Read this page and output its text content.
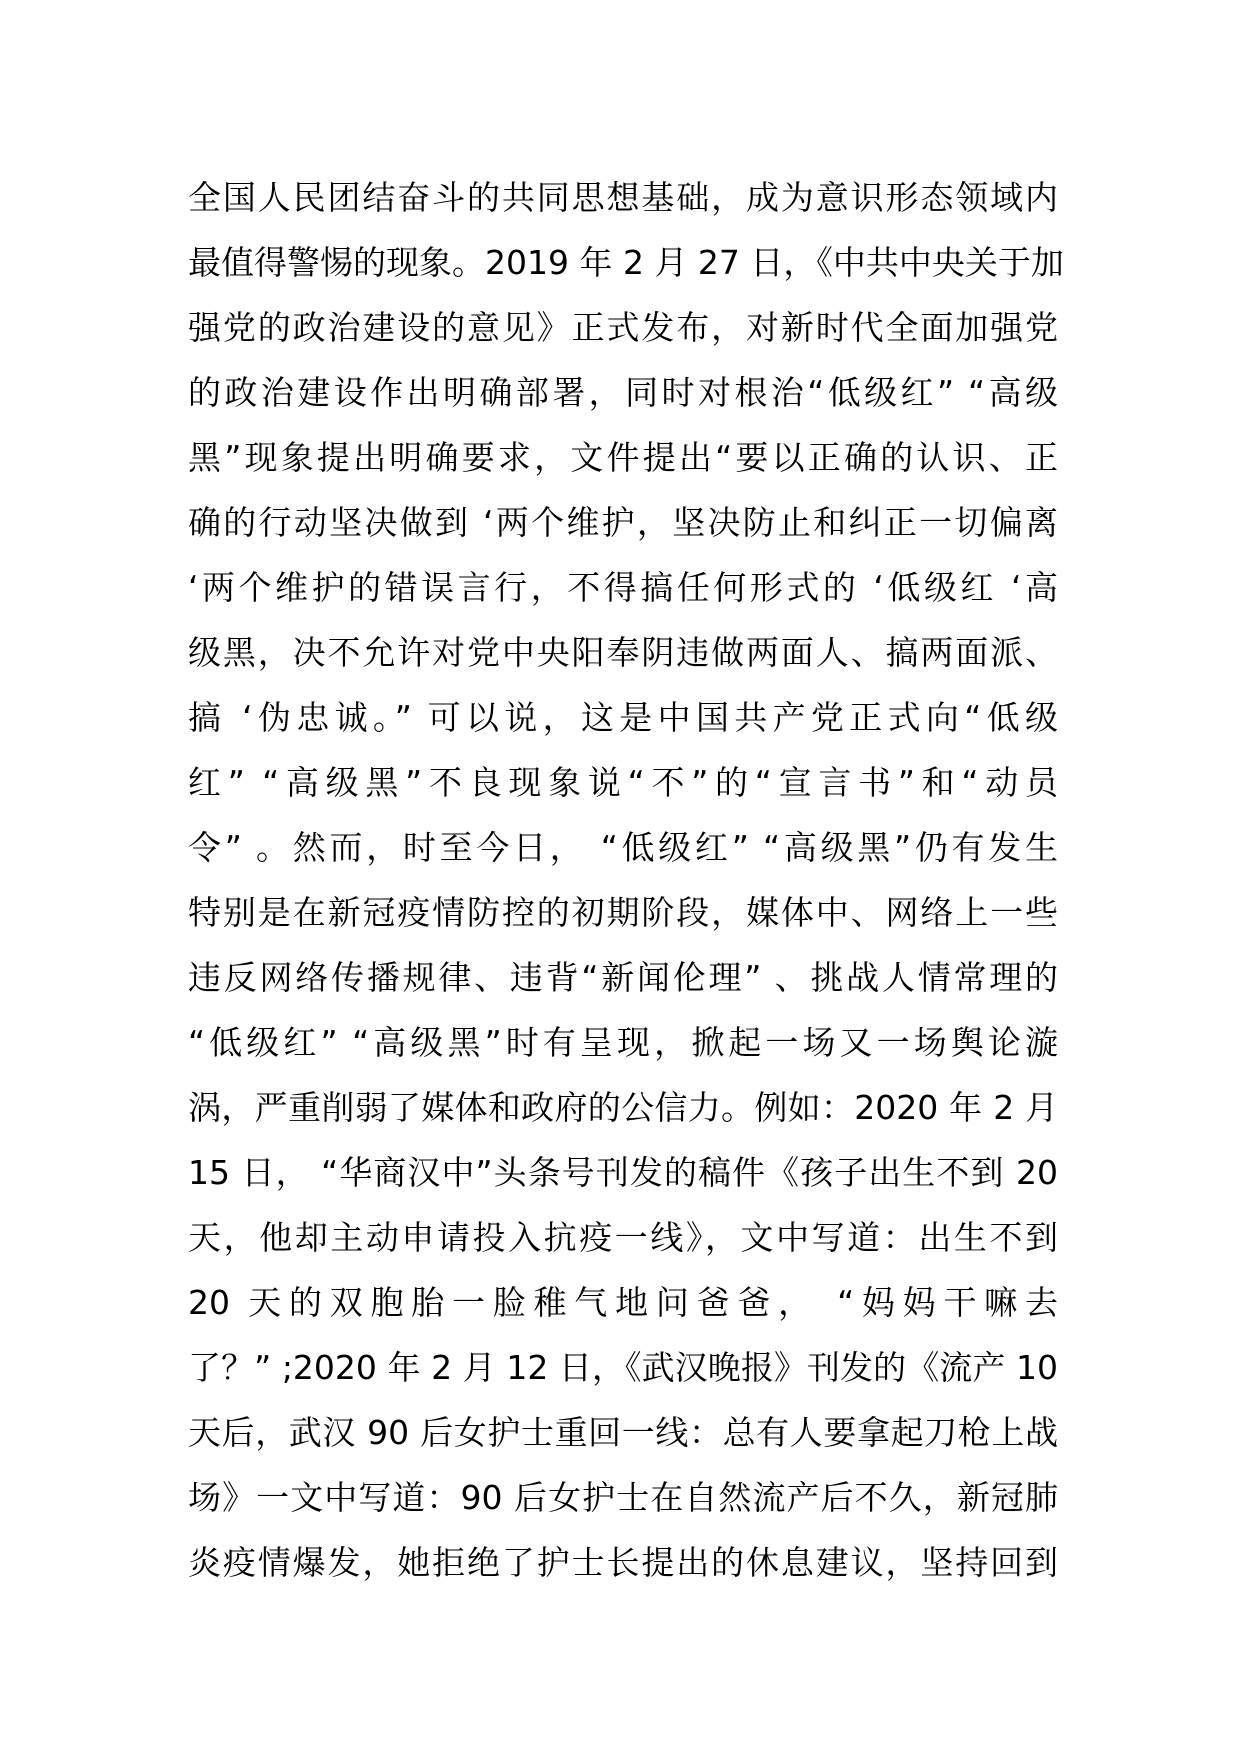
全国人民团结奋斗的共同思想基础，成为意识形态领域内
最值得警惕的现象。2019 年 2 月 27 日，《中共中央关于加
强党的政治建设的意见》正式发布，对新时代全面加强党
的政治建设作出明确部署，同时对根治“低级红” “高级
黑”现象提出明确要求，文件提出“要以正确的认识、正
确的行动坚决做到 ‘两个维护，坚决防止和纠正一切偏离
‘两个维护的错误言行，不得搞任何形式的 ‘低级红 ‘高
级黑，决不允许对党中央阳奉阴违做两面人、搞两面派、
搞 ‘伪忠诚。” 可以说，这是中国共产党正式向“低级
红” “高级黑”不良现象说“不”的“宣言书”和“动员
令” 。然而，时至今日， “低级红” “高级黑”仍有发生
特别是在新冠疫情防控的初期阶段，媒体中、网络上一些
违反网络传播规律、违背“新闻伦理” 、挑战人情常理的
“低级红” “高级黑”时有呈现，掀起一场又一场舆论漩
涡，严重削弱了媒体和政府的公信力。例如：2020 年 2 月
15 日， “华商汉中”头条号刊发的稿件《孩子出生不到 20
天，他却主动申请投入抗疫一线》，文中写道：出生不到
20 天的双胞胎一脸稚气地问爸爸， “妈妈干嘛去
了？” ;2020 年 2 月 12 日，《武汉晚报》刊发的《流产 10
天后，武汉 90 后女护士重回一线：总有人要拿起刀枪上战
场》一文中写道：90 后女护士在自然流产后不久，新冠肺
炎疫情爆发，她拒绝了护士长提出的休息建议，坚持回到
